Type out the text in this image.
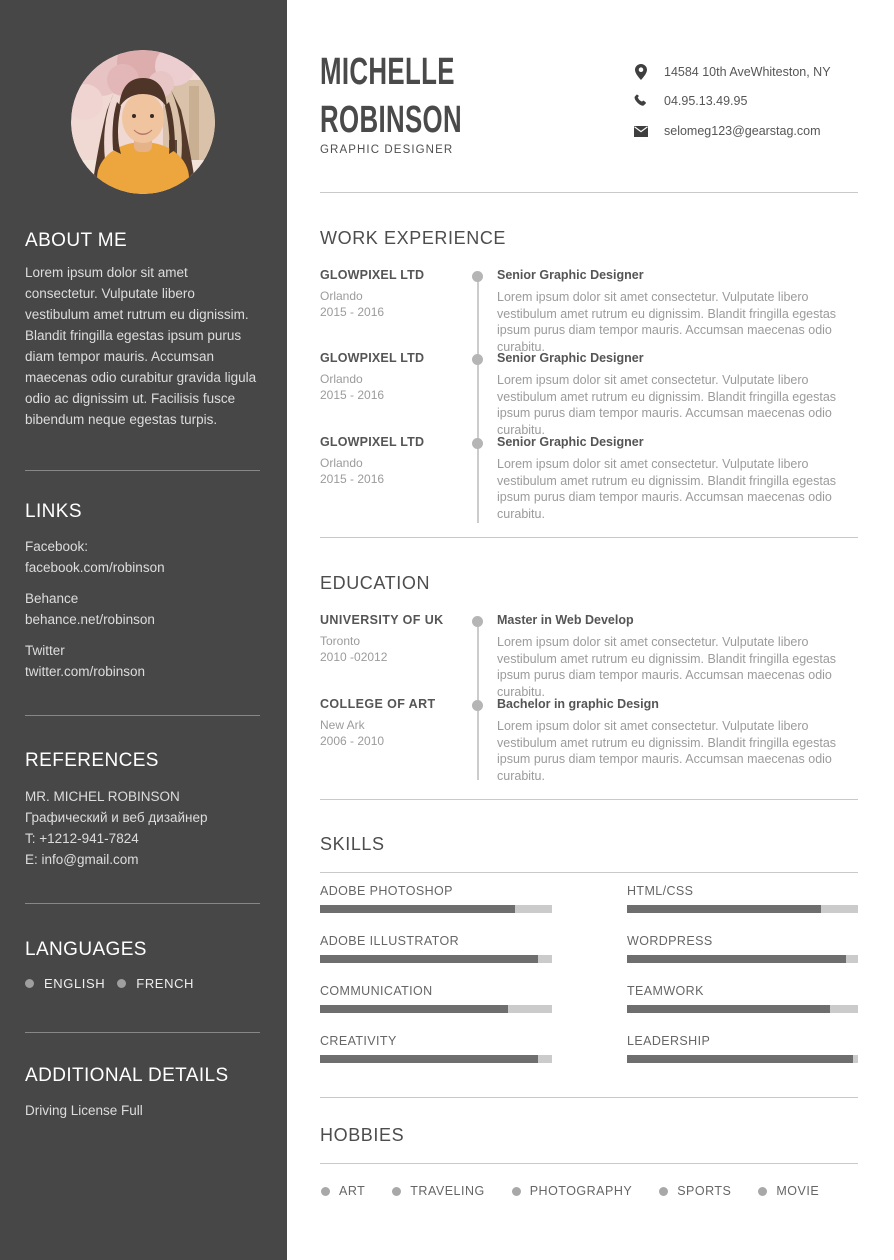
ABOUT ME
Lorem ipsum dolor sit amet consectetur. Vulputate libero vestibulum amet rutrum eu dignissim. Blandit fringilla egestas ipsum purus diam tempor mauris. Accumsan maecenas odio curabitur gravida ligula odio ac dignissim ut. Facilisis fusce bibendum neque egestas turpis.
LINKS
Facebook:
facebook.com/robinson
Behance
behance.net/robinson
Twitter
twitter.com/robinson
REFERENCES
MR. MICHEL ROBINSON
Графический и веб дизайнер
T: +1212-941-7824
E: info@gmail.com
LANGUAGES
ENGLISH FRENCH
ADDITIONAL DETAILS
Driving License Full
MICHELLE
ROBINSON
GRAPHIC DESIGNER
14584 10th AveWhiteston, NY
04.95.13.49.95
selomeg123@gearstag.com
WORK EXPERIENCE
GLOWPIXEL LTD
Orlando
2015 - 2016
Senior Graphic Designer
Lorem ipsum dolor sit amet consectetur. Vulputate libero vestibulum amet rutrum eu dignissim. Blandit fringilla egestas ipsum purus diam tempor mauris. Accumsan maecenas odio curabitu.
GLOWPIXEL LTD
Orlando
2015 - 2016
Senior Graphic Designer
Lorem ipsum dolor sit amet consectetur. Vulputate libero vestibulum amet rutrum eu dignissim. Blandit fringilla egestas ipsum purus diam tempor mauris. Accumsan maecenas odio curabitu.
GLOWPIXEL LTD
Orlando
2015 - 2016
Senior Graphic Designer
Lorem ipsum dolor sit amet consectetur. Vulputate libero vestibulum amet rutrum eu dignissim. Blandit fringilla egestas ipsum purus diam tempor mauris. Accumsan maecenas odio curabitu.
EDUCATION
UNIVERSITY OF UK
Toronto
2010 -02012
Master in Web Develop
Lorem ipsum dolor sit amet consectetur. Vulputate libero vestibulum amet rutrum eu dignissim. Blandit fringilla egestas ipsum purus diam tempor mauris. Accumsan maecenas odio curabitu.
COLLEGE OF ART
New Ark
2006 - 2010
Bachelor in graphic Design
Lorem ipsum dolor sit amet consectetur. Vulputate libero vestibulum amet rutrum eu dignissim. Blandit fringilla egestas ipsum purus diam tempor mauris. Accumsan maecenas odio curabitu.
SKILLS
ADOBE PHOTOSHOP	HTML/CSS
ADOBE ILLUSTRATOR	WORDPRESS
COMMUNICATION	TEAMWORK
CREATIVITY	LEADERSHIP
HOBBIES
ART	TRAVELING	PHOTOGRAPHY	SPORTS	MOVIE
